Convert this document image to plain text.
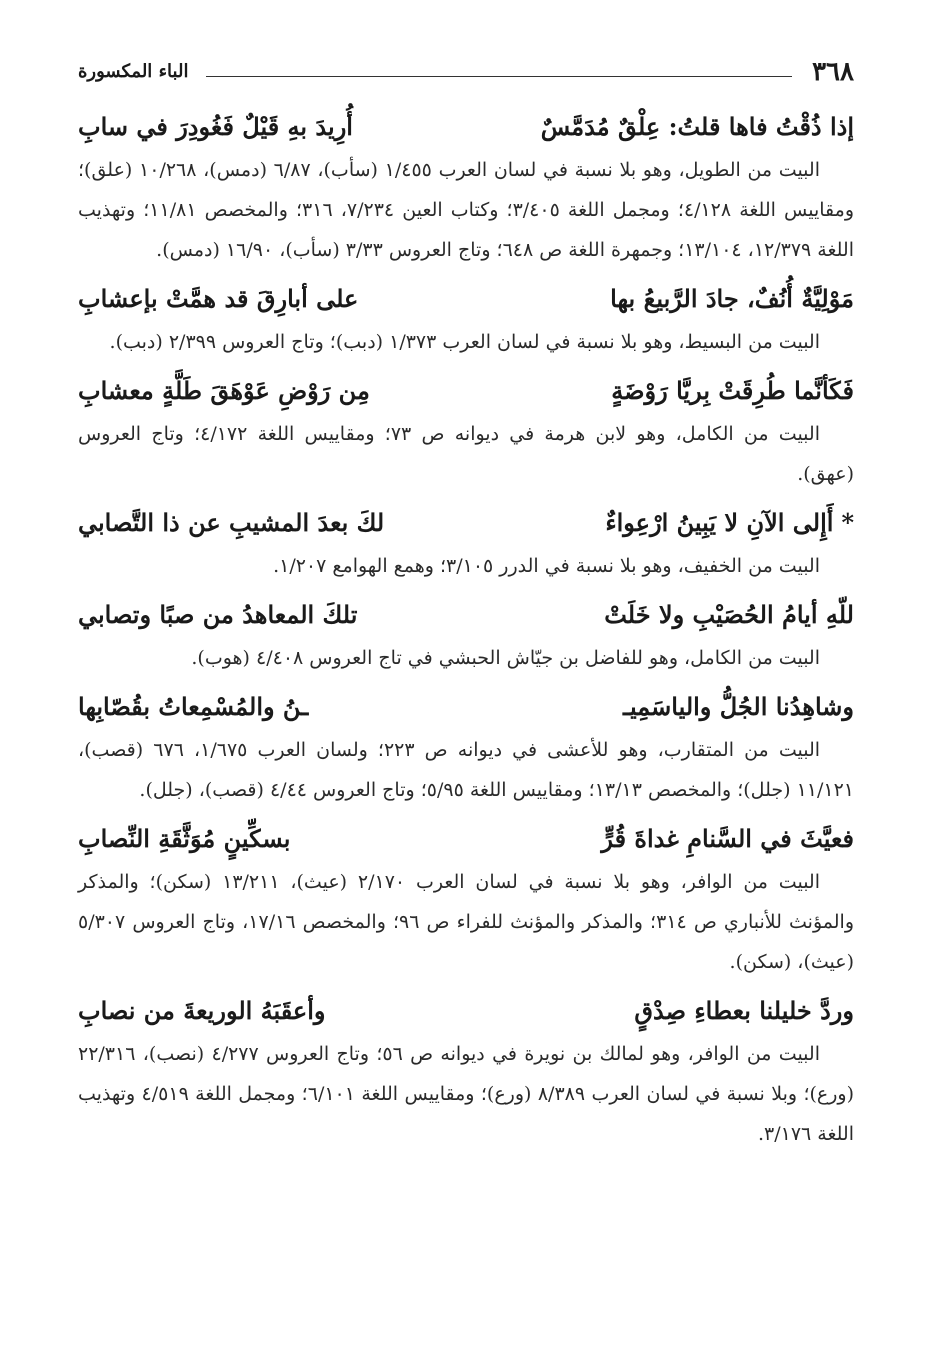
٣٦٨
الباء المكسورة
إذا ذُقْتُ فاها قلتُ: عِلْقٌ مُدَمَّسٌ
أُرِيدَ بهِ قَيْلٌ فَغُودِرَ في سابِ
البيت من الطويل، وهو بلا نسبة في لسان العرب ١/٤٥٥ (سأب)، ٦/٨٧ (دمس)، ١٠/٢٦٨ (علق)؛ ومقاييس اللغة ٤/١٢٨؛ ومجمل اللغة ٣/٤٠٥؛ وكتاب العين ٧/٢٣٤، ٣١٦؛ والمخصص ١١/٨١؛ وتهذيب اللغة ١٢/٣٧٩، ١٣/١٠٤؛ وجمهرة اللغة ص ٦٤٨؛ وتاج العروس ٣/٣٣ (سأب)، ١٦/٩٠ (دمس).
مَوْلِيَّةٌ أُنُفٌ، جادَ الرَّبيعُ بها
على أبارِقَ قد همَّتْ بإعشابِ
البيت من البسيط، وهو بلا نسبة في لسان العرب ١/٣٧٣ (دبب)؛ وتاج العروس ٢/٣٩٩ (دبب).
فَكَأنَّما طُرِقَتْ بِريَّا رَوْضَةٍ
مِن رَوْضِ عَوْهَقَ طَلَّةٍ معشابِ
البيت من الكامل، وهو لابن هرمة في ديوانه ص ٧٣؛ ومقاييس اللغة ٤/١٧٢؛ وتاج العروس (عهق).
*أَإِلى الآنِ لا يَبِينُ ارْعِواءٌ
لكَ بعدَ المشيبِ عن ذا التَّصابي
البيت من الخفيف، وهو بلا نسبة في الدرر ٣/١٠٥؛ وهمع الهوامع ١/٢٠٧.
للّهِ أيامُ الحُصَيْبِ ولا خَلَتْ
تلكَ المعاهدُ من صبًا وتصابي
البيت من الكامل، وهو للفاضل بن جيّاش الحبشي في تاج العروس ٤/٤٠٨ (هوب).
وشاهِدُنا الجُلُّ والياسَمِيـ
ـنُ والمُسْمِعاتُ بقُصّابِها
البيت من المتقارب، وهو للأعشى في ديوانه ص ٢٢٣؛ ولسان العرب ١/٦٧٥، ٦٧٦ (قصب)، ١١/١٢١ (جلل)؛ والمخصص ١٣/١٣؛ ومقاييس اللغة ٥/٩٥؛ وتاج العروس ٤/٤٤ (قصب)، (جلل).
فعيَّثَ في السَّنامِ غداةَ قُرٍّ
بسكِّينٍ مُوَثَّقَةِ النِّصابِ
البيت من الوافر، وهو بلا نسبة في لسان العرب ٢/١٧٠ (عيث)، ١٣/٢١١ (سكن)؛ والمذكر والمؤنث للأنباري ص ٣١٤؛ والمذكر والمؤنث للفراء ص ٩٦؛ والمخصص ١٧/١٦، وتاج العروس ٥/٣٠٧ (عيث)، (سكن).
وردَّ خليلنا بعطاءِ صِدْقٍ
وأعقَبَهُ الوريعةَ من نصابِ
البيت من الوافر، وهو لمالك بن نويرة في ديوانه ص ٥٦؛ وتاج العروس ٤/٢٧٧ (نصب)، ٢٢/٣١٦ (ورع)؛ وبلا نسبة في لسان العرب ٨/٣٨٩ (ورع)؛ ومقاييس اللغة ٦/١٠١؛ ومجمل اللغة ٤/٥١٩ وتهذيب اللغة ٣/١٧٦.
